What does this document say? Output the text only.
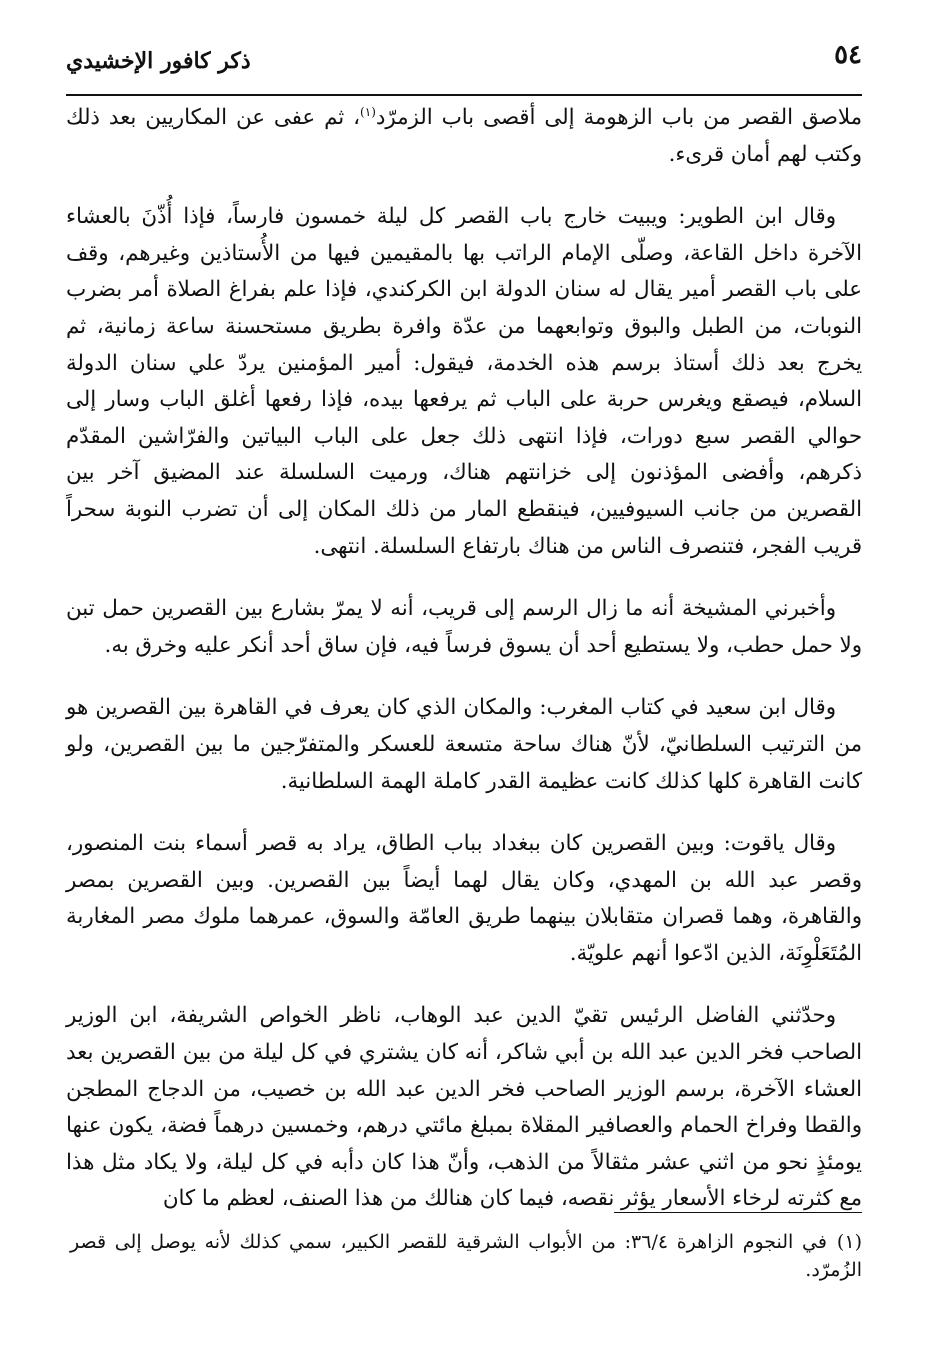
٥٤
ذكر كافور الإخشيدي

ملاصق القصر من باب الزهومة إلى أقصى باب الزمرّد$^{(١)}$، ثم عفى عن المكاريين بعد ذلك وكتب لهم أمان قرىء.

وقال ابن الطوير: ويبيت خارج باب القصر كل ليلة خمسون فارساً، فإذا أُذّنَ بالعشاء الآخرة داخل القاعة، وصلّى الإمام الراتب بها بالمقيمين فيها من الأُستاذين وغيرهم، وقف على باب القصر أمير يقال له سنان الدولة ابن الكركندي، فإذا علم بفراغ الصلاة أمر بضرب النوبات، من الطبل والبوق وتوابعهما من عدّة وافرة بطريق مستحسنة ساعة زمانية، ثم يخرج بعد ذلك أستاذ برسم هذه الخدمة، فيقول: أمير المؤمنين يردّ علي سنان الدولة السلام، فيصقع ويغرس حربة على الباب ثم يرفعها بيده، فإذا رفعها أغلق الباب وسار إلى حوالي القصر سبع دورات، فإذا انتهى ذلك جعل على الباب البياتين والفرّاشين المقدّم ذكرهم، وأفضى المؤذنون إلى خزانتهم هناك، ورميت السلسلة عند المضيق آخر بين القصرين من جانب السيوفيين، فينقطع المار من ذلك المكان إلى أن تضرب النوبة سحراً قريب الفجر، فتنصرف الناس من هناك بارتفاع السلسلة. انتهى.

وأخبرني المشيخة أنه ما زال الرسم إلى قريب، أنه لا يمرّ بشارع بين القصرين حمل تبن ولا حمل حطب، ولا يستطيع أحد أن يسوق فرساً فيه، فإن ساق أحد أنكر عليه وخرق به.

وقال ابن سعيد في كتاب المغرب: والمكان الذي كان يعرف في القاهرة بين القصرين هو من الترتيب السلطانيّ، لأنّ هناك ساحة متسعة للعسكر والمتفرّجين ما بين القصرين، ولو كانت القاهرة كلها كذلك كانت عظيمة القدر كاملة الهمة السلطانية.

وقال ياقوت: وبين القصرين كان ببغداد بباب الطاق، يراد به قصر أسماء بنت المنصور، وقصر عبد الله بن المهدي، وكان يقال لهما أيضاً بين القصرين. وبين القصرين بمصر والقاهرة، وهما قصران متقابلان بينهما طريق العامّة والسوق، عمرهما ملوك مصر المغاربة المُتَعَلْوِنَة، الذين ادّعوا أنهم علويّة.

وحدّثني الفاضل الرئيس تقيّ الدين عبد الوهاب، ناظر الخواص الشريفة، ابن الوزير الصاحب فخر الدين عبد الله بن أبي شاكر، أنه كان يشتري في كل ليلة من بين القصرين بعد العشاء الآخرة، برسم الوزير الصاحب فخر الدين عبد الله بن خصيب، من الدجاج المطجن والقطا وفراخ الحمام والعصافير المقلاة بمبلغ مائتي درهم، وخمسين درهماً فضة، يكون عنها يومئذٍ نحو من اثني عشر مثقالاً من الذهب، وأنّ هذا كان دأبه في كل ليلة، ولا يكاد مثل هذا مع كثرته لرخاء الأسعار يؤثر نقصه، فيما كان هنالك من هذا الصنف، لعظم ما كان

(١)في النجوم الزاهرة ٣٦/٤: من الأبواب الشرقية للقصر الكبير، سمي كذلك لأنه يوصل إلى قصر الزُمرّد.
